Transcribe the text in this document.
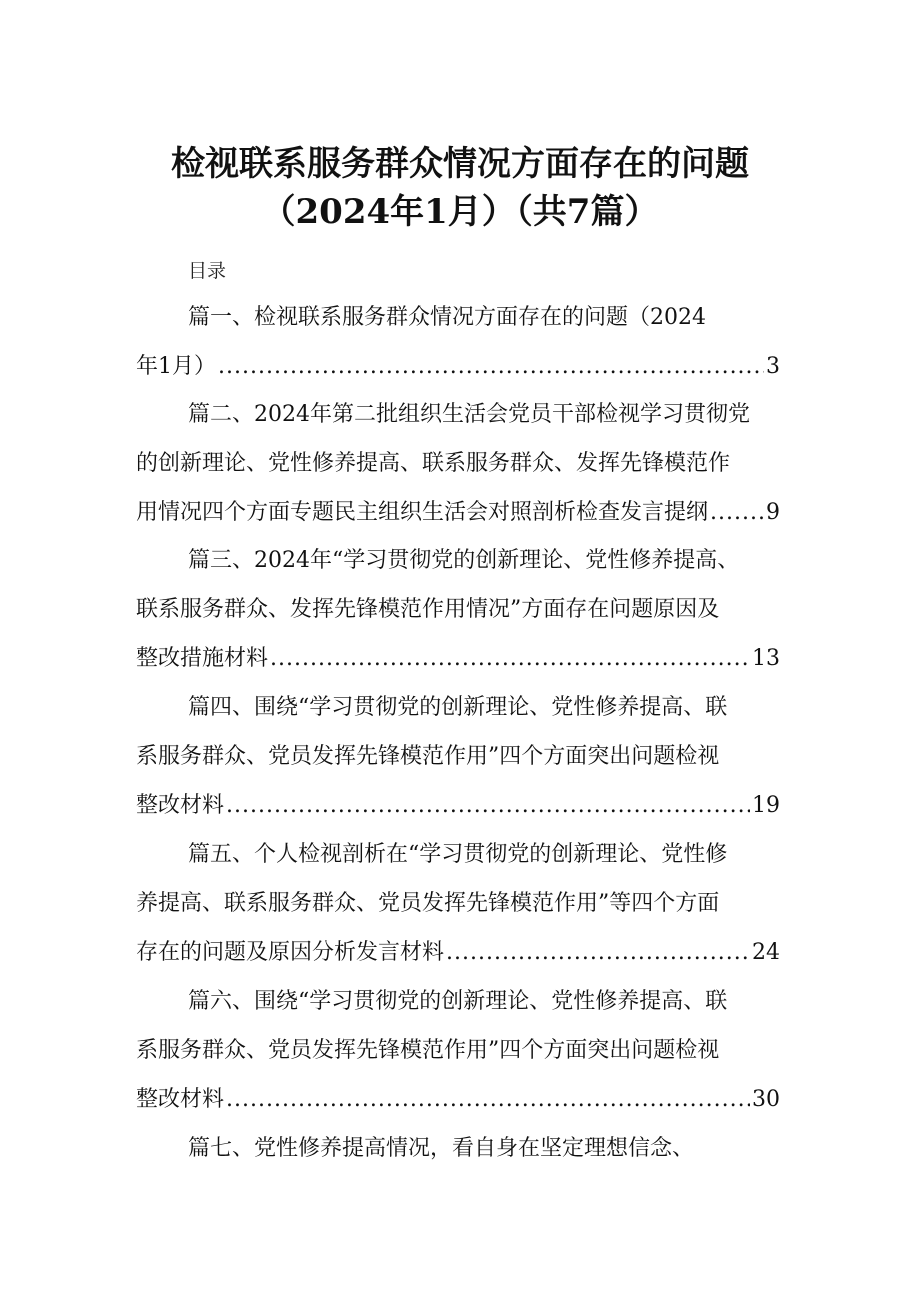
检视联系服务群众情况方面存在的问题
（2024年1月）（共7篇）
目录
篇一、检视联系服务群众情况方面存在的问题（2024
年1月） .....	3
篇二、2024年第二批组织生活会党员干部检视学习贯彻党
的创新理论、党性修养提高、联系服务群众、发挥先锋模范作
用情况四个方面专题民主组织生活会对照剖析检查发言提纲 .....	9
篇三、2024年“学习贯彻党的创新理论、党性修养提高、
联系服务群众、发挥先锋模范作用情况”方面存在问题原因及
整改措施材料 .....	13
篇四、围绕“学习贯彻党的创新理论、党性修养提高、联
系服务群众、党员发挥先锋模范作用”四个方面突出问题检视
整改材料 .....	19
篇五、个人检视剖析在“学习贯彻党的创新理论、党性修
养提高、联系服务群众、党员发挥先锋模范作用”等四个方面
存在的问题及原因分析发言材料 .....	24
篇六、围绕“学习贯彻党的创新理论、党性修养提高、联
系服务群众、党员发挥先锋模范作用”四个方面突出问题检视
整改材料 .....	30
篇七、党性修养提高情况，看自身在坚定理想信念、
